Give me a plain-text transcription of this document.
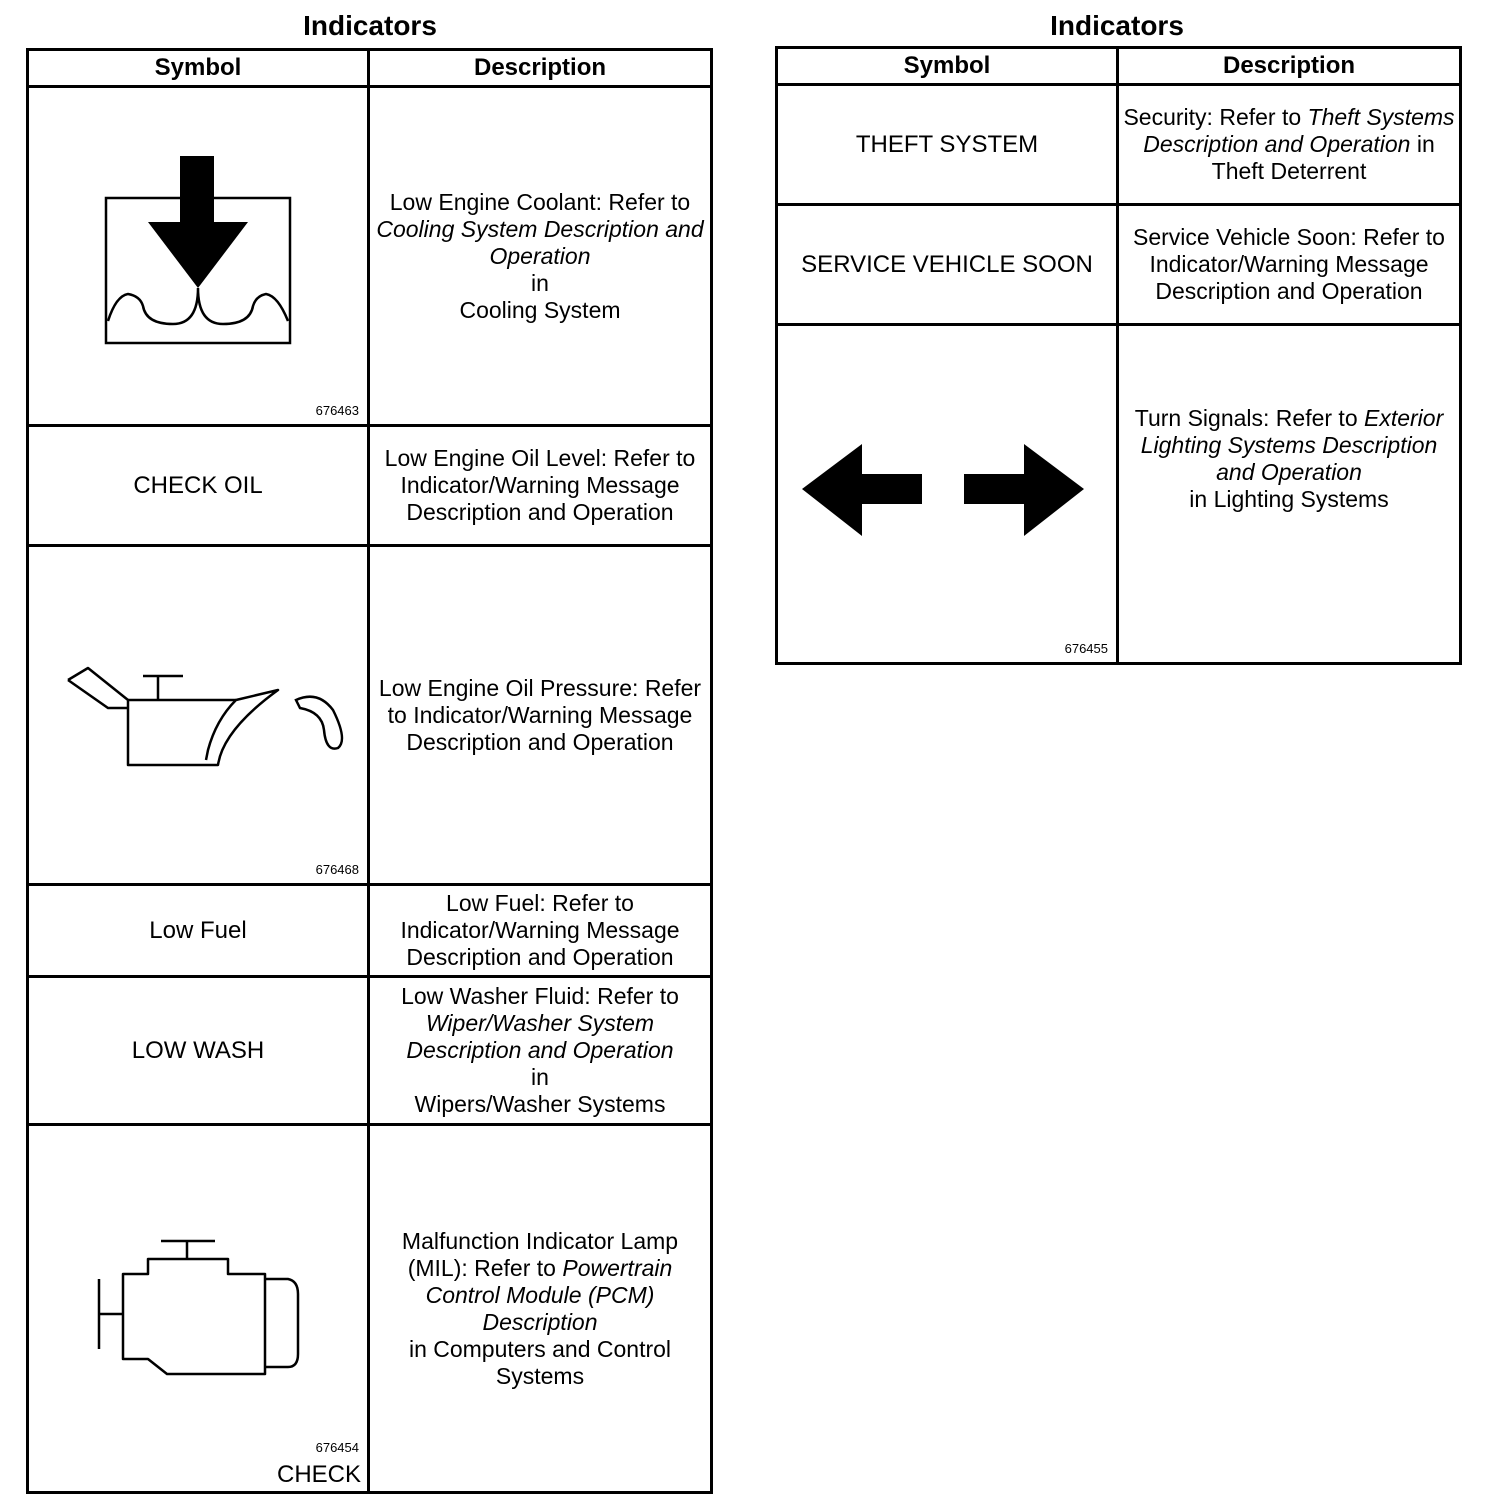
Indicators
Symbol	Description

676463	Low Engine Coolant: Refer to Cooling System Description and Operation
in
Cooling System
CHECK OIL	Low Engine Oil Level: Refer to Indicator/Warning Message Description and Operation

676468	Low Engine Oil Pressure: Refer to Indicator/Warning Message Description and Operation
Low Fuel	Low Fuel: Refer to Indicator/Warning Message Description and Operation
LOW WASH	Low Washer Fluid: Refer to Wiper/Washer System Description and Operation
in
Wipers/Washer Systems

676454
CHECK	Malfunction Indicator Lamp (MIL): Refer to Powertrain Control Module (PCM) Description
in Computers and Control Systems
Indicators
Symbol	Description
THEFT SYSTEM	Security: Refer to Theft Systems Description and Operation in
Theft Deterrent
SERVICE VEHICLE SOON	Service Vehicle Soon: Refer to Indicator/Warning Message Description and Operation

676455	Turn Signals: Refer to Exterior Lighting Systems Description and Operation
in Lighting Systems
